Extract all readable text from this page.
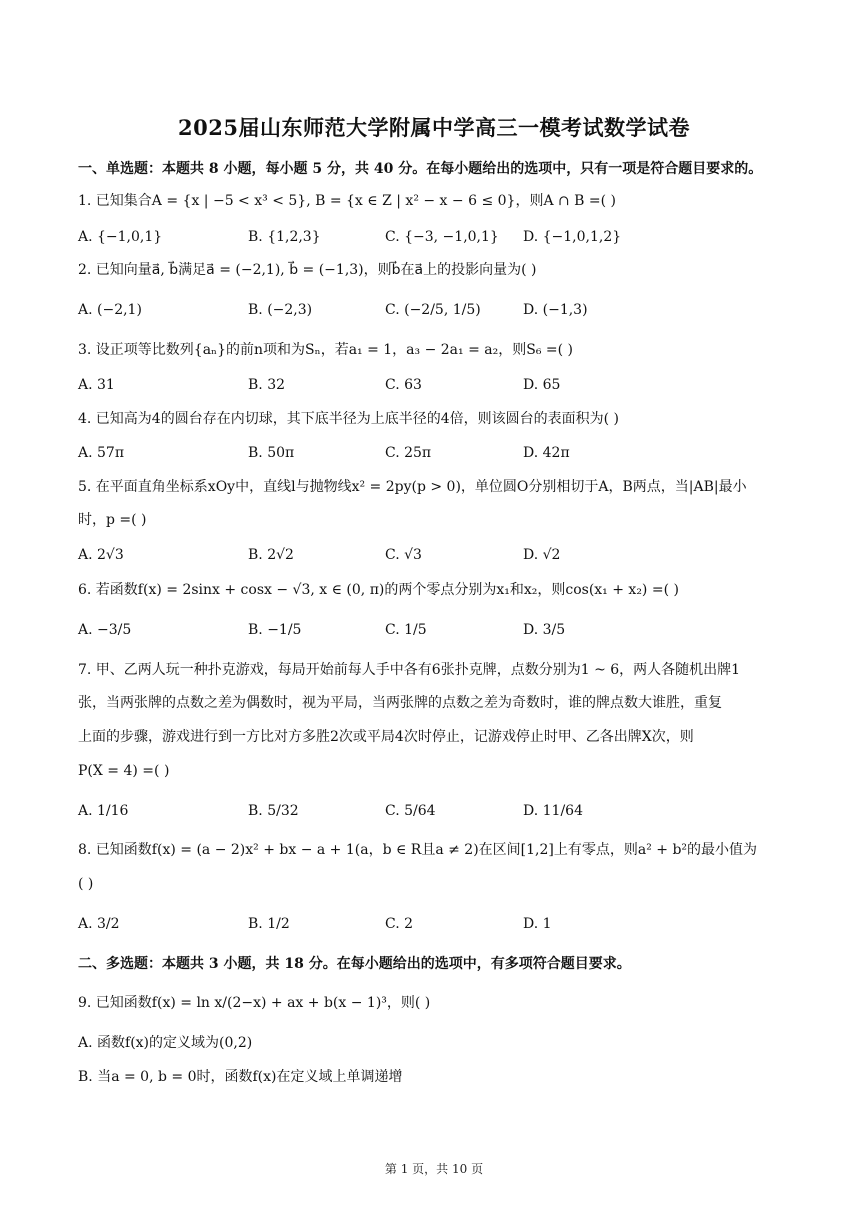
2025届山东师范大学附属中学高三一模考试数学试卷
一、单选题：本题共 8 小题，每小题 5 分，共 40 分。在每小题给出的选项中，只有一项是符合题目要求的。
1. 已知集合A = {x | −5 < x³ < 5}, B = {x ∈ Z | x² − x − 6 ≤ 0}，则A ∩ B =( )
A. {−1,0,1}	B. {1,2,3}	C. {−3, −1,0,1} D. {−1,0,1,2}
2. 已知向量a⃗, b⃗满足a⃗ = (−2,1), b⃗ = (−1,3)，则b⃗在a⃗上的投影向量为( )
A. (−2,1)	B. (−2,3)	C. (−2/5, 1/5)	D. (−1,3)
3. 设正项等比数列{aₙ}的前n项和为Sₙ，若a₁ = 1，a₃ − 2a₁ = a₂，则S₆ =( )
A. 31	B. 32	C. 63	D. 65
4. 已知高为4的圆台存在内切球，其下底半径为上底半径的4倍，则该圆台的表面积为( )
A. 57π	B. 50π	C. 25π	D. 42π
5. 在平面直角坐标系xOy中，直线l与抛物线x² = 2py(p > 0)，单位圆O分别相切于A，B两点，当|AB|最小
时，p =( )
A. 2√3	B. 2√2	C. √3	D. √2
6. 若函数f(x) = 2sinx + cosx − √3, x ∈ (0, π)的两个零点分别为x₁和x₂，则cos(x₁ + x₂) =( )
A. −3/5	B. −1/5	C. 1/5	D. 3/5
7. 甲、乙两人玩一种扑克游戏，每局开始前每人手中各有6张扑克牌，点数分别为1 ~ 6，两人各随机出牌1
张，当两张牌的点数之差为偶数时，视为平局，当两张牌的点数之差为奇数时，谁的牌点数大谁胜，重复
上面的步骤，游戏进行到一方比对方多胜2次或平局4次时停止，记游戏停止时甲、乙各出牌X次，则
P(X = 4) =( )
A. 1/16	B. 5/32	C. 5/64	D. 11/64
8. 已知函数f(x) = (a − 2)x² + bx − a + 1(a，b ∈ R且a ≠ 2)在区间[1,2]上有零点，则a² + b²的最小值为
( )
A. 3/2	B. 1/2	C. 2	D. 1
二、多选题：本题共 3 小题，共 18 分。在每小题给出的选项中，有多项符合题目要求。
9. 已知函数f(x) = ln x/(2−x) + ax + b(x − 1)³，则( )
A. 函数f(x)的定义域为(0,2)
B. 当a = 0, b = 0时，函数f(x)在定义域上单调递增
第 1 页，共 10 页
